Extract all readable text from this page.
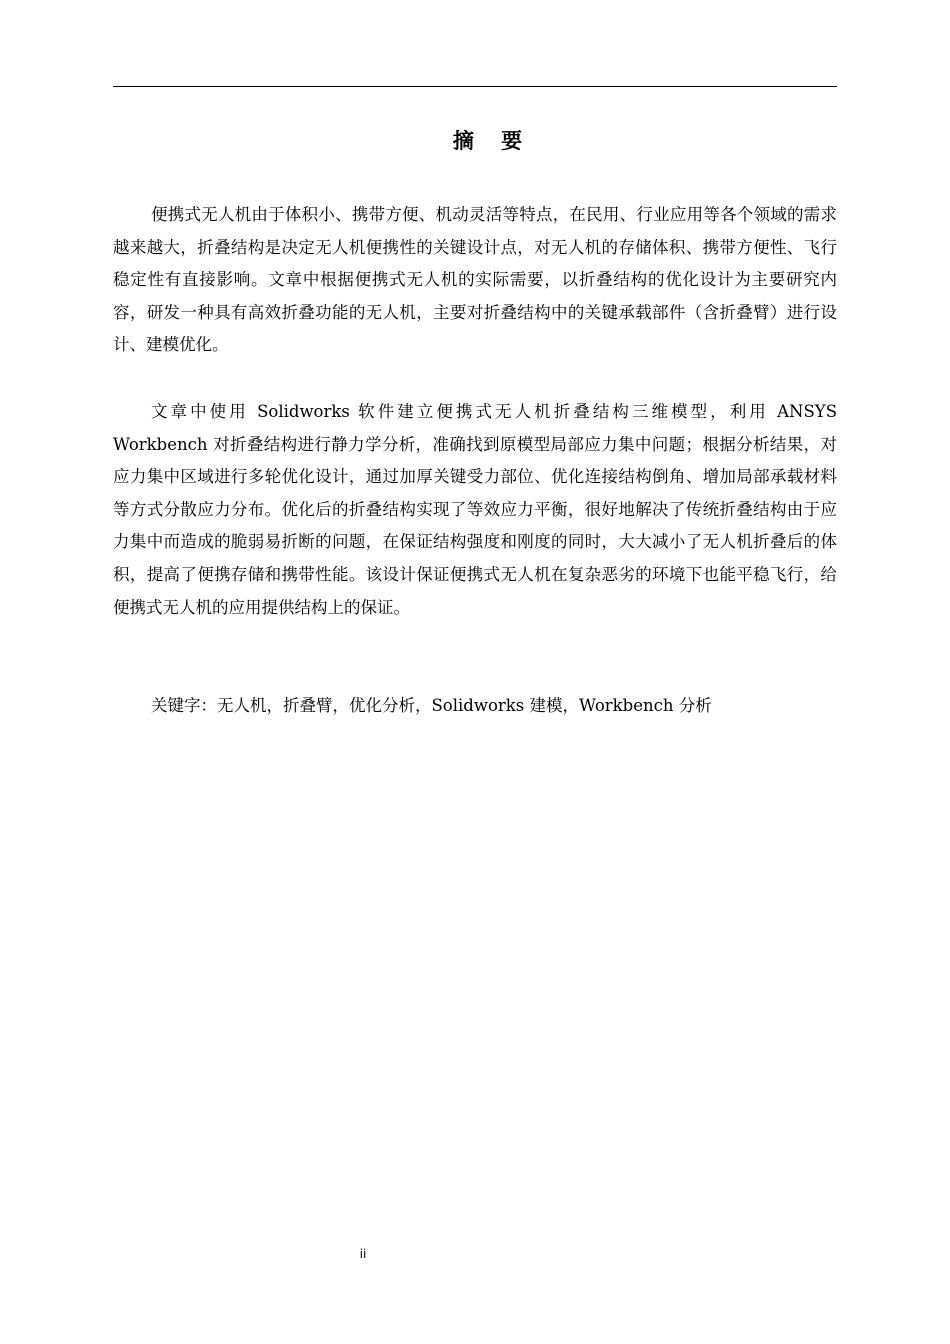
摘 要

便携式无人机由于体积小、携带方便、机动灵活等特点，在民用、行业应用等各个领域的需求越来越大，折叠结构是决定无人机便携性的关键设计点，对无人机的存储体积、携带方便性、飞行稳定性有直接影响。文章中根据便携式无人机的实际需要，以折叠结构的优化设计为主要研究内容，研发一种具有高效折叠功能的无人机，主要对折叠结构中的关键承载部件（含折叠臂）进行设计、建模优化。

文章中使用 Solidworks 软件建立便携式无人机折叠结构三维模型，利用 ANSYS Workbench 对折叠结构进行静力学分析，准确找到原模型局部应力集中问题；根据分析结果，对应力集中区域进行多轮优化设计，通过加厚关键受力部位、优化连接结构倒角、增加局部承载材料等方式分散应力分布。优化后的折叠结构实现了等效应力平衡，很好地解决了传统折叠结构由于应力集中而造成的脆弱易折断的问题，在保证结构强度和刚度的同时，大大减小了无人机折叠后的体积，提高了便携存储和携带性能。该设计保证便携式无人机在复杂恶劣的环境下也能平稳飞行，给便携式无人机的应用提供结构上的保证。

关键字：无人机，折叠臂，优化分析，Solidworks 建模，Workbench 分析

ii
